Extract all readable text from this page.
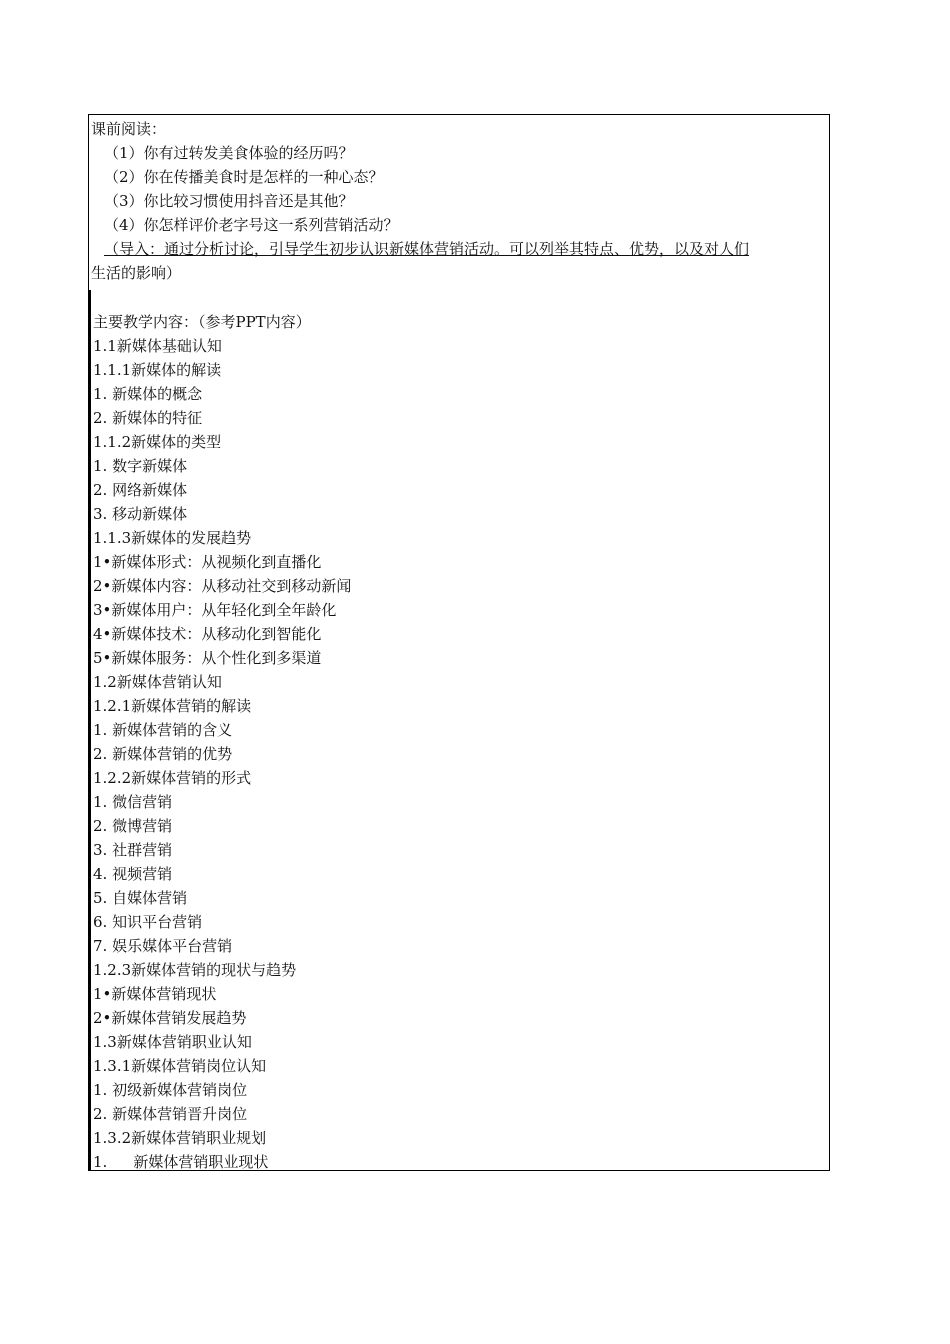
课前阅读：
（1）你有过转发美食体验的经历吗？
（2）你在传播美食时是怎样的一种心态？
（3）你比较习惯使用抖音还是其他？
（4）你怎样评价老字号这一系列营销活动？
（导入：通过分析讨论，引导学生初步认识新媒体营销活动。可以列举其特点、优势，以及对人们
生活的影响）
主要教学内容：（参考PPT内容）
1.1新媒体基础认知
1.1.1新媒体的解读
1. 新媒体的概念
2. 新媒体的特征
1.1.2新媒体的类型
1. 数字新媒体
2. 网络新媒体
3. 移动新媒体
1.1.3新媒体的发展趋势
1•新媒体形式：从视频化到直播化
2•新媒体内容：从移动社交到移动新闻
3•新媒体用户：从年轻化到全年龄化
4•新媒体技术：从移动化到智能化
5•新媒体服务：从个性化到多渠道
1.2新媒体营销认知
1.2.1新媒体营销的解读
1. 新媒体营销的含义
2. 新媒体营销的优势
1.2.2新媒体营销的形式
1. 微信营销
2. 微博营销
3. 社群营销
4. 视频营销
5. 自媒体营销
6. 知识平台营销
7. 娱乐媒体平台营销
1.2.3新媒体营销的现状与趋势
1•新媒体营销现状
2•新媒体营销发展趋势
1.3新媒体营销职业认知
1.3.1新媒体营销岗位认知
1. 初级新媒体营销岗位
2. 新媒体营销晋升岗位
1.3.2新媒体营销职业规划
1. 新媒体营销职业现状
